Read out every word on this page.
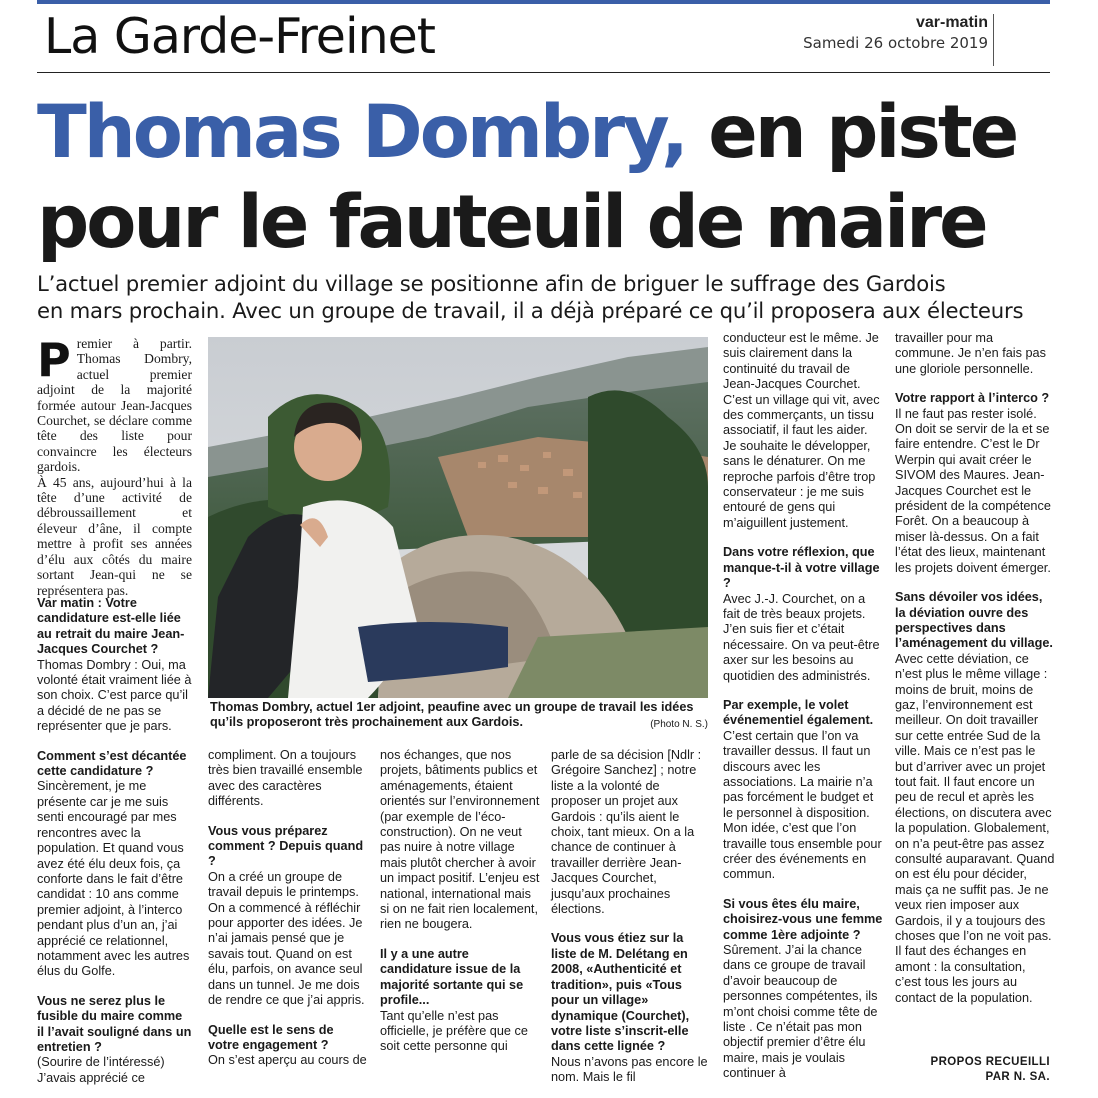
La Garde-Freinet	var-matin
Samedi 26 octobre 2019
Thomas Dombry, en piste
pour le fauteuil de maire
L’actuel premier adjoint du village se positionne afin de briguer le suffrage des Gardois
en mars prochain. Avec un groupe de travail, il a déjà préparé ce qu’il proposera aux électeurs
P remier à partir. Thomas Dombry, actuel premier adjoint de la majorité formée autour Jean-Jacques Courchet, se déclare comme tête des liste pour convaincre les électeurs gardois.
À 45 ans, aujourd’hui à la tête d’une activité de débroussaillement et éleveur d’âne, il compte mettre à profit ses années d’élu aux côtés du maire sortant Jean-qui ne se représentera pas.

Var matin : Votre candidature est-elle liée au retrait du maire Jean-Jacques Courchet ?

Thomas Dombry : Oui, ma volonté était vraiment liée à son choix. C’est parce qu’il a décidé de ne pas se représenter que je pars.

Comment s’est décantée cette candidature ?

Sincèrement, je me présente car je me suis senti encouragé par mes rencontres avec la population. Et quand vous avez été élu deux fois, ça conforte dans le fait d’être candidat : 10 ans comme premier adjoint, à l’interco pendant plus d’un an, j’ai apprécié ce relationnel, notamment avec les autres élus du Golfe.

Vous ne serez plus le fusible du maire comme il l’avait souligné dans un entretien ?

(Sourire de l’intéressé) J’avais apprécié ce

Thomas Dombry, actuel 1er adjoint, peaufine avec un groupe de travail les idées qu’ils proposeront très prochainement aux Gardois.	(Photo N. S.)

compliment. On a toujours très bien travaillé ensemble avec des caractères différents.

Vous vous préparez comment ? Depuis quand ?

On a créé un groupe de travail depuis le printemps. On a commencé à réfléchir pour apporter des idées. Je n’ai jamais pensé que je savais tout. Quand on est élu, parfois, on avance seul dans un tunnel. Je me dois de rendre ce que j’ai appris.

Quelle est le sens de votre engagement ?

On s’est aperçu au cours de

nos échanges, que nos projets, bâtiments publics et aménagements, étaient orientés sur l’environnement (par exemple de l’éco-construction). On ne veut pas nuire à notre village mais plutôt chercher à avoir un impact positif. L’enjeu est national, international mais si on ne fait rien localement, rien ne bougera.

Il y a une autre candidature issue de la majorité sortante qui se profile...

Tant qu’elle n’est pas officielle, je préfère que ce soit cette personne qui

parle de sa décision [Ndlr : Grégoire Sanchez] ; notre liste a la volonté de proposer un projet aux Gardois : qu’ils aient le choix, tant mieux. On a la chance de continuer à travailler derrière Jean-Jacques Courchet, jusqu’aux prochaines élections.

Vous vous étiez sur la liste de M. Delétang en 2008, «Authenticité et tradition», puis «Tous pour un village» dynamique (Courchet), votre liste s’inscrit-elle dans cette lignée ?

Nous n’avons pas encore le nom. Mais le fil

conducteur est le même. Je suis clairement dans la continuité du travail de Jean-Jacques Courchet. C’est un village qui vit, avec des commerçants, un tissu associatif, il faut les aider. Je souhaite le développer, sans le dénaturer. On me reproche parfois d’être trop conservateur : je me suis entouré de gens qui m’aiguillent justement.

Dans votre réflexion, que manque-t-il à votre village ?

Avec J.-J. Courchet, on a fait de très beaux projets. J’en suis fier et c’était nécessaire. On va peut-être axer sur les besoins au quotidien des administrés.

Par exemple, le volet événementiel également.

C’est certain que l’on va travailler dessus. Il faut un discours avec les associations. La mairie n’a pas forcément le budget et le personnel à disposition. Mon idée, c’est que l’on travaille tous ensemble pour créer des événements en commun.

Si vous êtes élu maire, choisirez-vous une femme comme 1ère adjointe ?

Sûrement. J’ai la chance dans ce groupe de travail d’avoir beaucoup de personnes compétentes, ils m’ont choisi comme tête de liste . Ce n’était pas mon objectif premier d’être élu maire, mais je voulais continuer à

travailler pour ma commune. Je n’en fais pas une gloriole personnelle.

Votre rapport à l’interco ?

Il ne faut pas rester isolé. On doit se servir de la et se faire entendre. C’est le Dr Werpin qui avait créer le SIVOM des Maures. Jean-Jacques Courchet est le président de la compétence Forêt. On a beaucoup à miser là-dessus. On a fait l’état des lieux, maintenant les projets doivent émerger.

Sans dévoiler vos idées, la déviation ouvre des perspectives dans l’aménagement du village.

Avec cette déviation, ce n’est plus le même village : moins de bruit, moins de gaz, l’environnement est meilleur. On doit travailler sur cette entrée Sud de la ville. Mais ce n’est pas le but d’arriver avec un projet tout fait. Il faut encore un peu de recul et après les élections, on discutera avec la population. Globalement, on n’a peut-être pas assez consulté auparavant. Quand on est élu pour décider, mais ça ne suffit pas. Je ne veux rien imposer aux Gardois, il y a toujours des choses que l’on ne voit pas. Il faut des échanges en amont : la consultation, c’est tous les jours au contact de la population.

PROPOS RECUEILLI
PAR N. SA.
